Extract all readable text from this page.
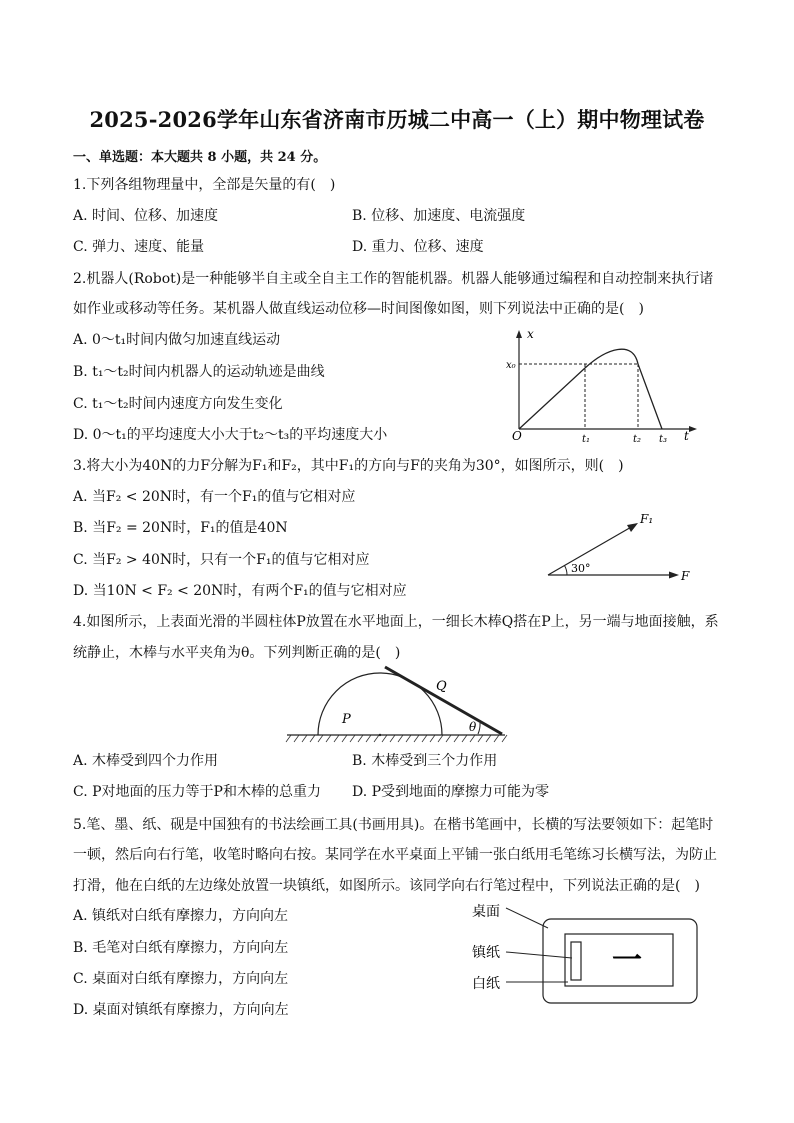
2025-2026学年山东省济南市历城二中高一（上）期中物理试卷
一、单选题：本大题共 8 小题，共 24 分。
1.下列各组物理量中，全部是矢量的有(　)
A. 时间、位移、加速度	B. 位移、加速度、电流强度
C. 弹力、速度、能量	D. 重力、位移、速度
2.机器人(Robot)是一种能够半自主或全自主工作的智能机器。机器人能够通过编程和自动控制来执行诸
如作业或移动等任务。某机器人做直线运动位移—时间图像如图，则下列说法中正确的是(　)
A. 0～t₁时间内做匀加速直线运动
B. t₁～t₂时间内机器人的运动轨迹是曲线
C. t₁～t₂时间内速度方向发生变化
D. 0～t₁的平均速度大小大于t₂～t₃的平均速度大小
x
t
x₀
O	t₁	t₂ t₃
3.将大小为40N的力F分解为F₁和F₂，其中F₁的方向与F的夹角为30°，如图所示，则(　)
A. 当F₂ < 20N时，有一个F₁的值与它相对应
B. 当F₂ = 20N时，F₁的值是40N
C. 当F₂ > 40N时，只有一个F₁的值与它相对应
D. 当10N < F₂ < 20N时，有两个F₁的值与它相对应
F₁
F
30°
4.如图所示，上表面光滑的半圆柱体P放置在水平地面上，一细长木棒Q搭在P上，另一端与地面接触，系
统静止，木棒与水平夹角为θ。下列判断正确的是(　)
P
Q
θ
A. 木棒受到四个力作用	B. 木棒受到三个力作用
C. P对地面的压力等于P和木棒的总重力 D. P受到地面的摩擦力可能为零
5.笔、墨、纸、砚是中国独有的书法绘画工具(书画用具)。在楷书笔画中，长横的写法要领如下：起笔时
一顿，然后向右行笔，收笔时略向右按。某同学在水平桌面上平铺一张白纸用毛笔练习长横写法，为防止
打滑，他在白纸的左边缘处放置一块镇纸，如图所示。该同学向右行笔过程中，下列说法正确的是(　)
A. 镇纸对白纸有摩擦力，方向向左
B. 毛笔对白纸有摩擦力，方向向左
C. 桌面对白纸有摩擦力，方向向左
D. 桌面对镇纸有摩擦力，方向向左
桌面
镇纸
白纸
一
